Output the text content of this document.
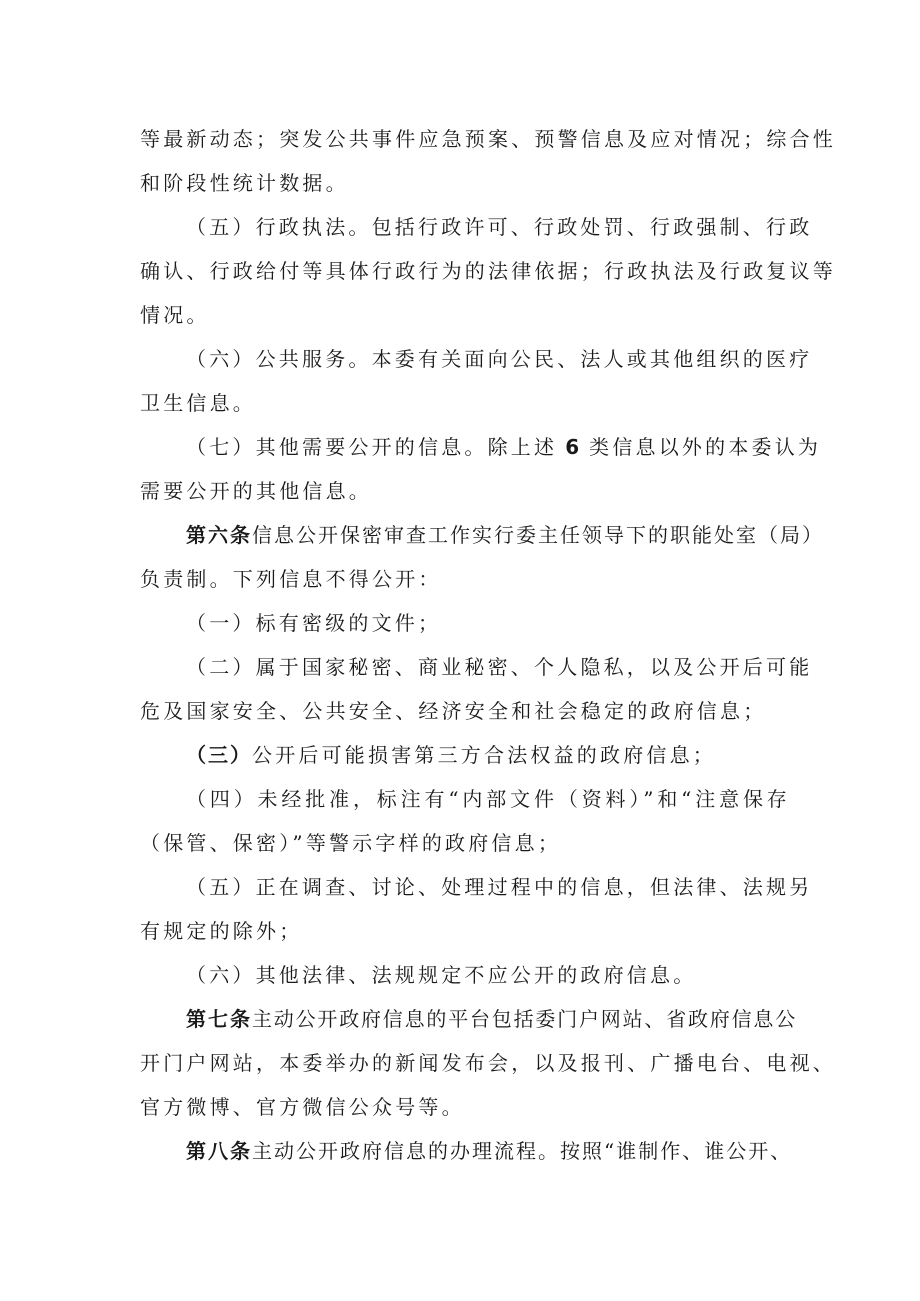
等最新动态；突发公共事件应急预案、预警信息及应对情况；综合性
和阶段性统计数据。
（五）行政执法。包括行政许可、行政处罚、行政强制、行政
确认、行政给付等具体行政行为的法律依据；行政执法及行政复议等
情况。
（六）公共服务。本委有关面向公民、法人或其他组织的医疗
卫生信息。
（七）其他需要公开的信息。除上述 6 类信息以外的本委认为
需要公开的其他信息。
第六条信息公开保密审查工作实行委主任领导下的职能处室（局）
负责制。下列信息不得公开：
（一）标有密级的文件；
（二）属于国家秘密、商业秘密、个人隐私，以及公开后可能
危及国家安全、公共安全、经济安全和社会稳定的政府信息；
（三）公开后可能损害第三方合法权益的政府信息；
（四）未经批准，标注有“内部文件（资料）”和“注意保存
（保管、保密）”等警示字样的政府信息；
（五）正在调查、讨论、处理过程中的信息，但法律、法规另
有规定的除外；
（六）其他法律、法规规定不应公开的政府信息。
第七条主动公开政府信息的平台包括委门户网站、省政府信息公
开门户网站，本委举办的新闻发布会，以及报刊、广播电台、电视、
官方微博、官方微信公众号等。
第八条主动公开政府信息的办理流程。按照“谁制作、谁公开、
